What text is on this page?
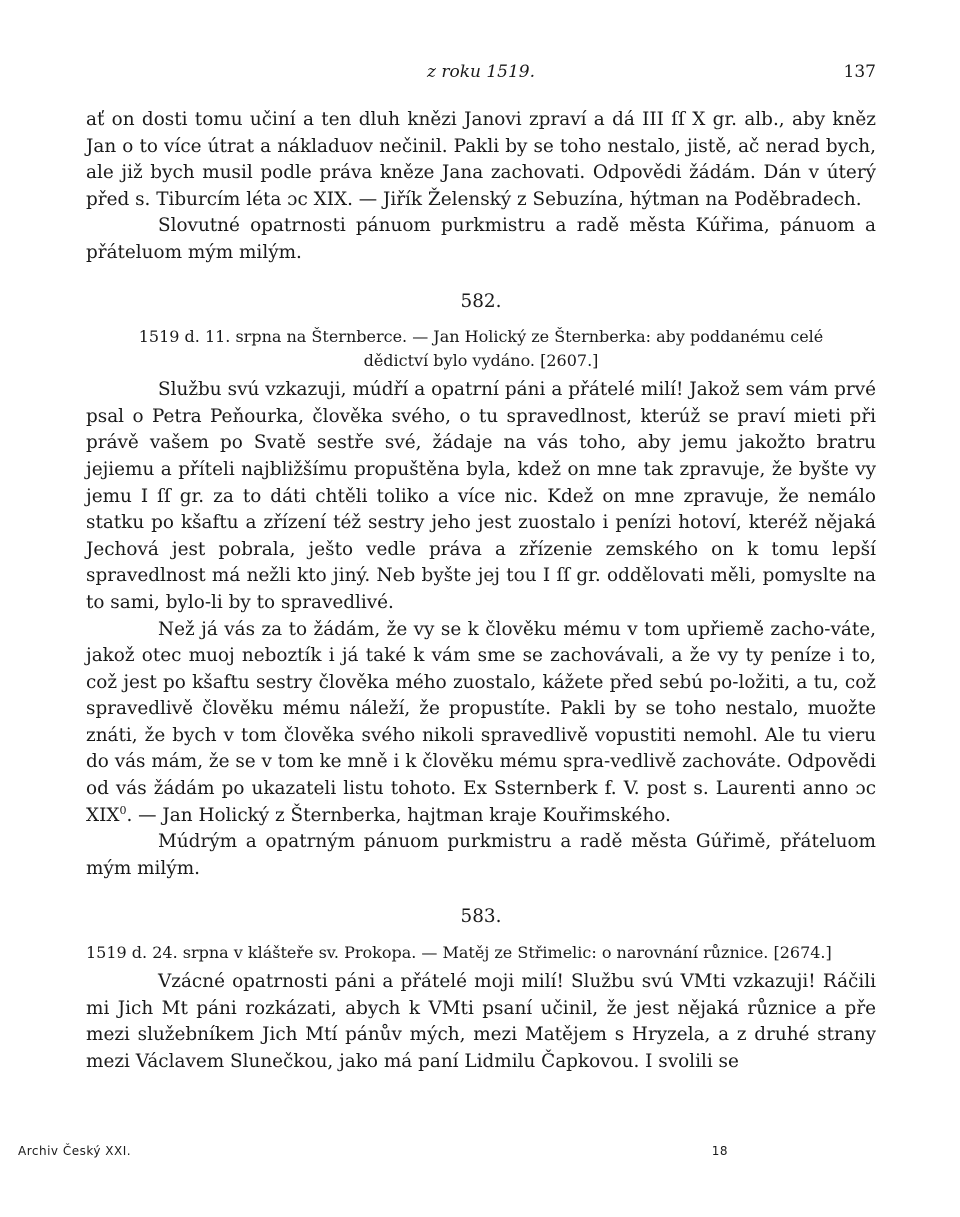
z roku 1519.	137

ať on dosti tomu učiní a ten dluh knězi Janovi zpraví a dá III ſſ X gr. alb., aby kněz Jan o to více útrat a nákladuov nečinil. Pakli by se toho nestalo, jistě, ač nerad bych, ale již bych musil podle práva kněze Jana zachovati. Odpovědi žádám. Dán v úterý před s. Tiburcím léta ɔc XIX. — Jiřík Želenský z Sebuzína, hýtman na Poděbradech.

Slovutné opatrnosti pánuom purkmistru a radě města Kúřima, pánuom a přáteluom mým milým.

582.
1519 d. 11. srpna na Šternberce. — Jan Holický ze Šternberka: aby poddanému celé
dědictví bylo vydáno. [2607.]

Službu svú vzkazuji, múdří a opatrní páni a přátelé milí! Jakož sem vám prvé psal o Petra Peňourka, člověka svého, o tu spravedlnost, kterúž se praví mieti při právě vašem po Svatě sestře své, žádaje na vás toho, aby jemu jakožto bratru jejiemu a příteli najbližšímu propuštěna byla, kdež on mne tak zpravuje, že byšte vy jemu I ſſ gr. za to dáti chtěli toliko a více nic. Kdež on mne zpravuje, že nemálo statku po kšaftu a zřízení též sestry jeho jest zuostalo i penízi hotoví, kteréž nějaká Jechová jest pobrala, ješto vedle práva a zřízenie zemského on k tomu lepší spravedlnost má nežli kto jiný. Neb byšte jej tou I ſſ gr. oddělovati měli, pomyslte na to sami, bylo-li by to spravedlivé.

Než já vás za to žádám, že vy se k člověku mému v tom upřiemě zacho-váte, jakož otec muoj neboztík i já také k vám sme se zachovávali, a že vy ty peníze i to, což jest po kšaftu sestry člověka mého zuostalo, kážete před sebú po-ložiti, a tu, což spravedlivě člověku mému náleží, že propustíte. Pakli by se toho nestalo, muožte znáti, že bych v tom člověka svého nikoli spravedlivě vopustiti nemohl. Ale tu vieru do vás mám, že se v tom ke mně i k člověku mému spra-vedlivě zachováte. Odpovědi od vás žádám po ukazateli listu tohoto. Ex Ssternberk f. V. post s. Laurenti anno ɔc XIX$^0$. — Jan Holický z Šternberka, hajtman kraje Kouřimského.

Múdrým a opatrným pánuom purkmistru a radě města Gúřimě, přáteluom mým milým.

583.
1519 d. 24. srpna v klášteře sv. Prokopa. — Matěj ze Střimelic: o narovnání různice. [2674.]

Vzácné opatrnosti páni a přátelé moji milí! Službu svú VMti vzkazuji! Ráčili mi Jich Mt páni rozkázati, abych k VMti psaní učinil, že jest nějaká různice a pře mezi služebníkem Jich Mtí pánův mých, mezi Matějem s Hryzela, a z druhé strany mezi Václavem Slunečkou, jako má paní Lidmilu Čapkovou. I svolili se

Archiv Český XXI.	18
